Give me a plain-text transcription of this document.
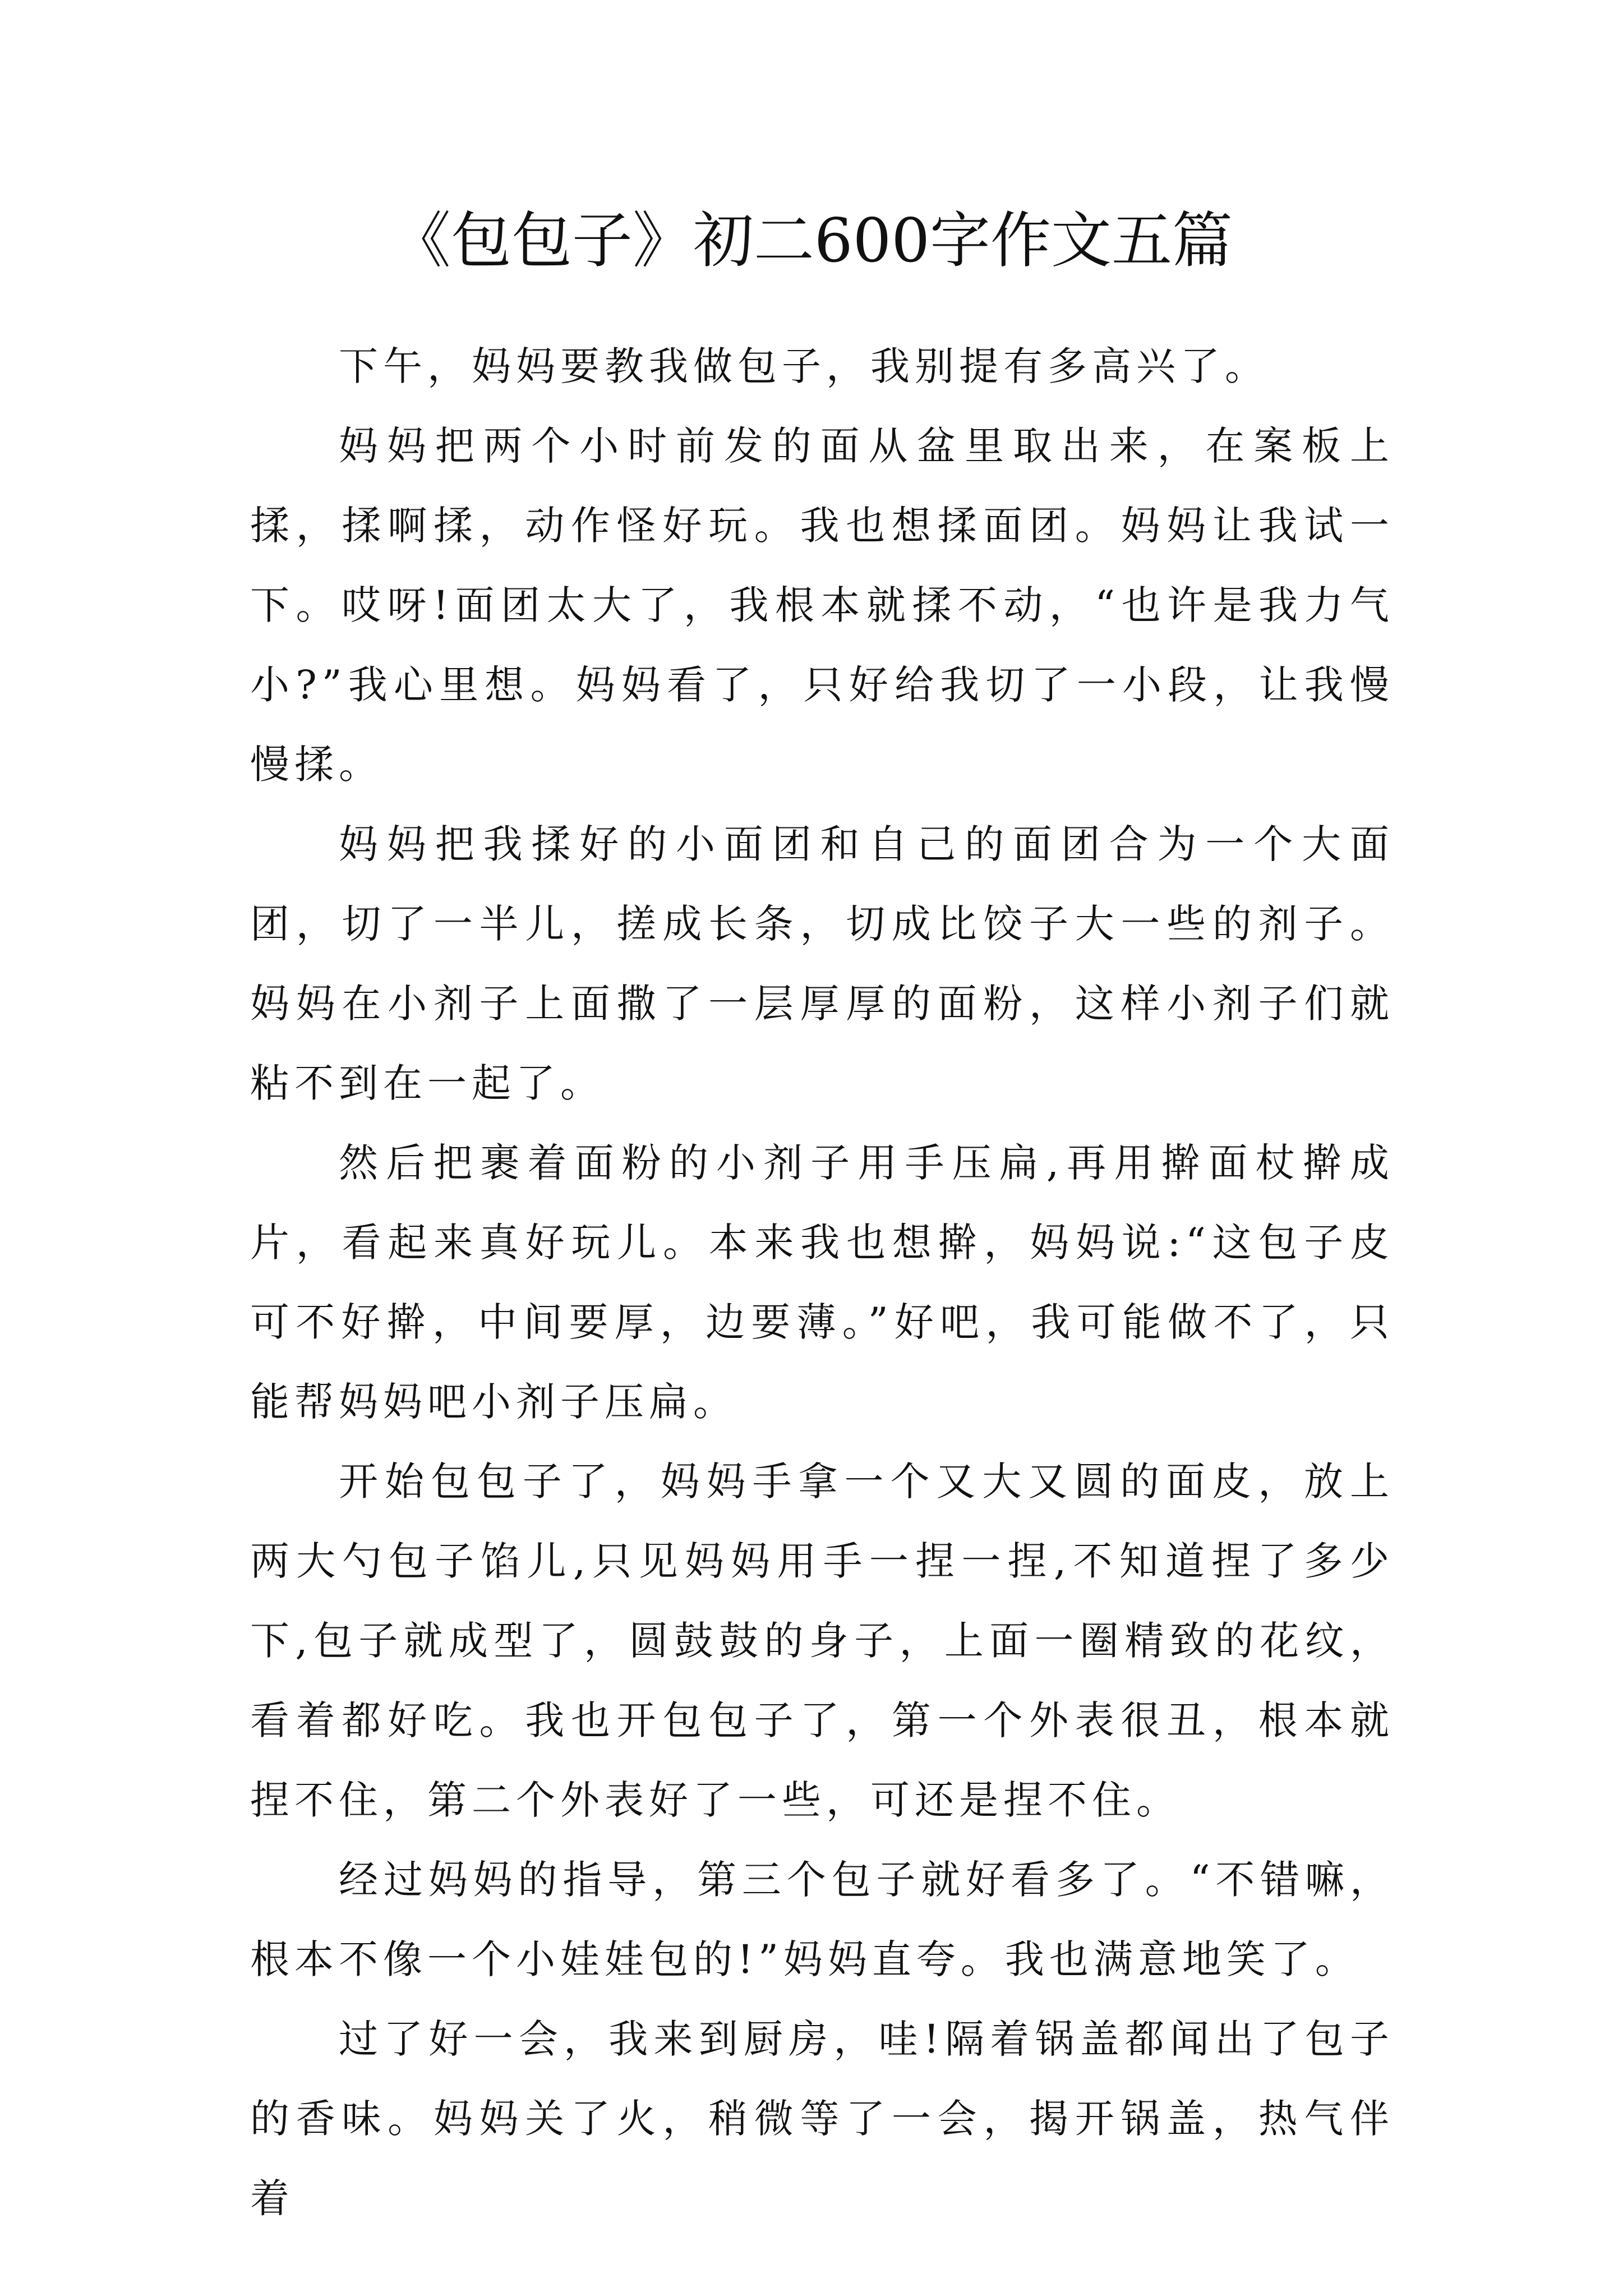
《包包子》初二600字作文五篇

下午，妈妈要教我做包子，我别提有多高兴了。

妈妈把两个小时前发的面从盆里取出来，在案板上揉，揉啊揉，动作怪好玩。我也想揉面团。妈妈让我试一下。哎呀!面团太大了，我根本就揉不动，“也许是我力气小?”我心里想。妈妈看了，只好给我切了一小段，让我慢慢揉。

妈妈把我揉好的小面团和自己的面团合为一个大面团，切了一半儿，搓成长条，切成比饺子大一些的剂子。妈妈在小剂子上面撒了一层厚厚的面粉，这样小剂子们就粘不到在一起了。

然后把裹着面粉的小剂子用手压扁,再用擀面杖擀成片，看起来真好玩儿。本来我也想擀，妈妈说:“这包子皮可不好擀，中间要厚，边要薄。”好吧，我可能做不了，只能帮妈妈吧小剂子压扁。

开始包包子了，妈妈手拿一个又大又圆的面皮，放上两大勺包子馅儿,只见妈妈用手一捏一捏,不知道捏了多少下,包子就成型了，圆鼓鼓的身子，上面一圈精致的花纹，看着都好吃。我也开包包子了，第一个外表很丑，根本就捏不住，第二个外表好了一些，可还是捏不住。

经过妈妈的指导，第三个包子就好看多了。“不错嘛，根本不像一个小娃娃包的!”妈妈直夸。我也满意地笑了。

过了好一会，我来到厨房，哇!隔着锅盖都闻出了包子的香味。妈妈关了火，稍微等了一会，揭开锅盖，热气伴着
